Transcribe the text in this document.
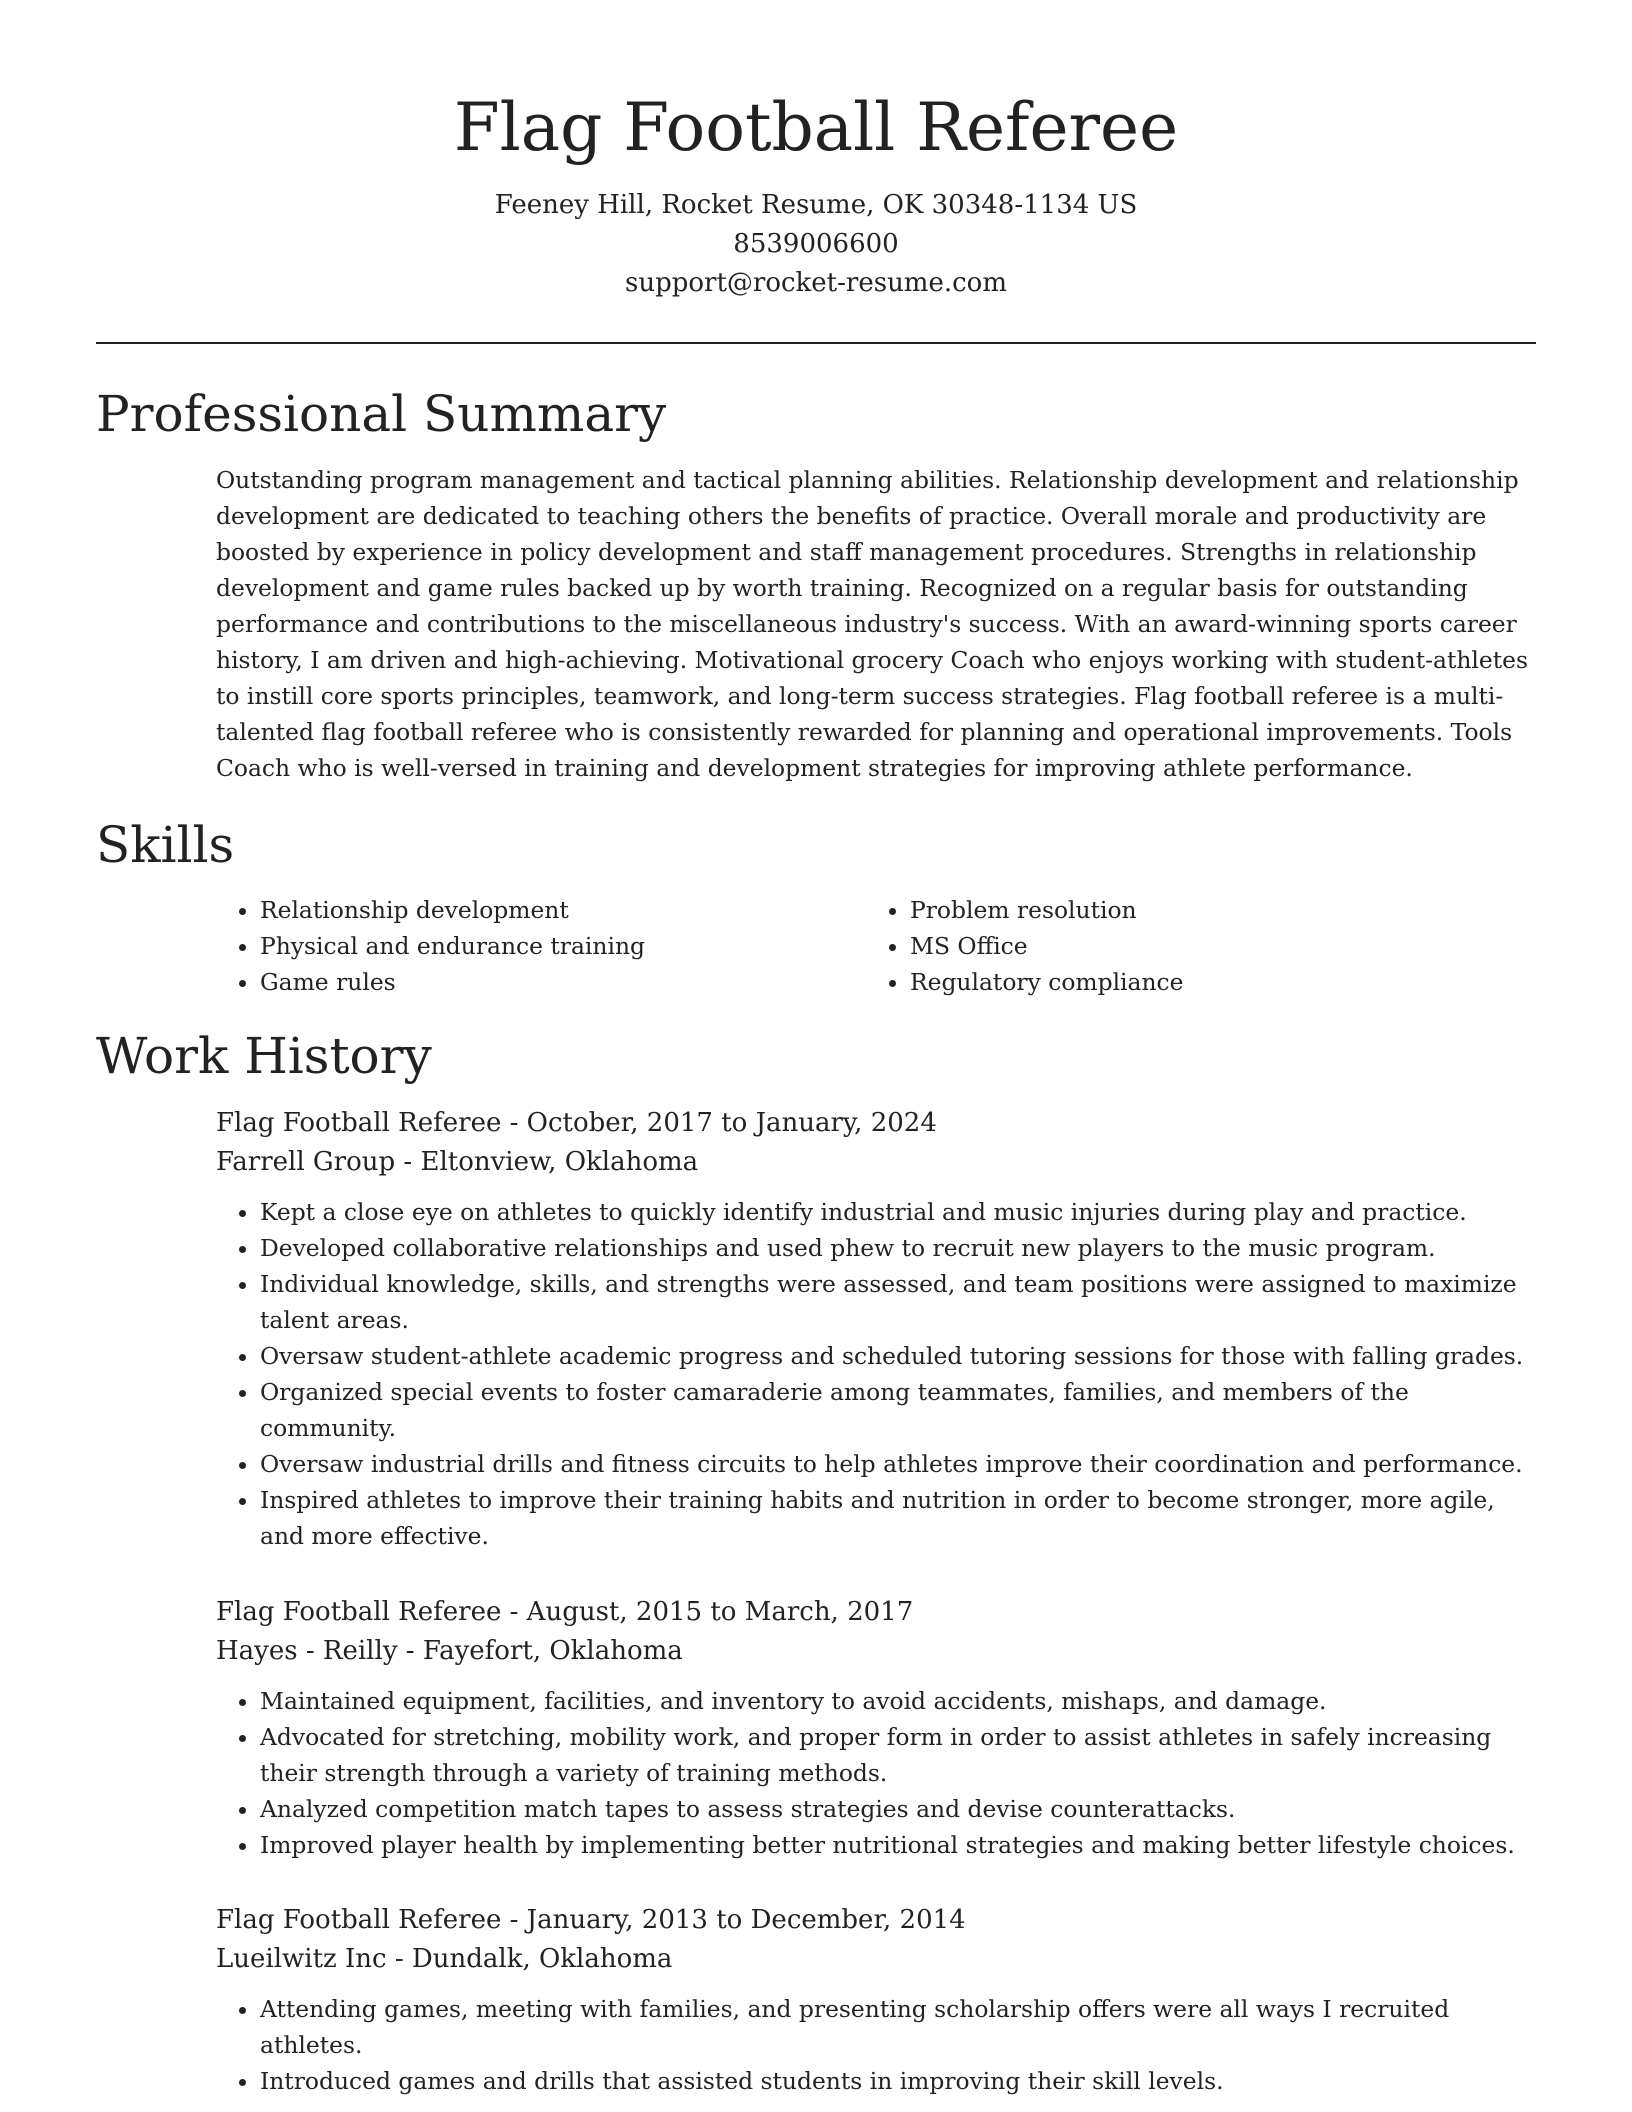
Flag Football Referee
Feeney Hill, Rocket Resume, OK 30348-1134 US
8539006600
support@rocket-resume.com
Professional Summary

Outstanding program management and tactical planning abilities. Relationship development and relationship development are dedicated to teaching others the benefits of practice. Overall morale and productivity are boosted by experience in policy development and staff management procedures. Strengths in relationship development and game rules backed up by worth training. Recognized on a regular basis for outstanding performance and contributions to the miscellaneous industry's success. With an award-winning sports career history, I am driven and high-achieving. Motivational grocery Coach who enjoys working with student-athletes to instill core sports principles, teamwork, and long-term success strategies. Flag football referee is a multi-talented flag football referee who is consistently rewarded for planning and operational improvements. Tools Coach who is well-versed in training and development strategies for improving athlete performance.

Skills
• Relationship development
• Physical and endurance training
• Game rules
• Problem resolution
• MS Office
• Regulatory compliance
Work History
Flag Football Referee - October, 2017 to January, 2024
Farrell Group - Eltonview, Oklahoma
• Kept a close eye on athletes to quickly identify industrial and music injuries during play and practice.
• Developed collaborative relationships and used phew to recruit new players to the music program.
• Individual knowledge, skills, and strengths were assessed, and team positions were assigned to maximize talent areas.
• Oversaw student-athlete academic progress and scheduled tutoring sessions for those with falling grades.
• Organized special events to foster camaraderie among teammates, families, and members of the community.
• Oversaw industrial drills and fitness circuits to help athletes improve their coordination and performance.
• Inspired athletes to improve their training habits and nutrition in order to become stronger, more agile, and more effective.
Flag Football Referee - August, 2015 to March, 2017
Hayes - Reilly - Fayefort, Oklahoma
• Maintained equipment, facilities, and inventory to avoid accidents, mishaps, and damage.
• Advocated for stretching, mobility work, and proper form in order to assist athletes in safely increasing their strength through a variety of training methods.
• Analyzed competition match tapes to assess strategies and devise counterattacks.
• Improved player health by implementing better nutritional strategies and making better lifestyle choices.
Flag Football Referee - January, 2013 to December, 2014
Lueilwitz Inc - Dundalk, Oklahoma
• Attending games, meeting with families, and presenting scholarship offers were all ways I recruited athletes.
• Introduced games and drills that assisted students in improving their skill levels.
